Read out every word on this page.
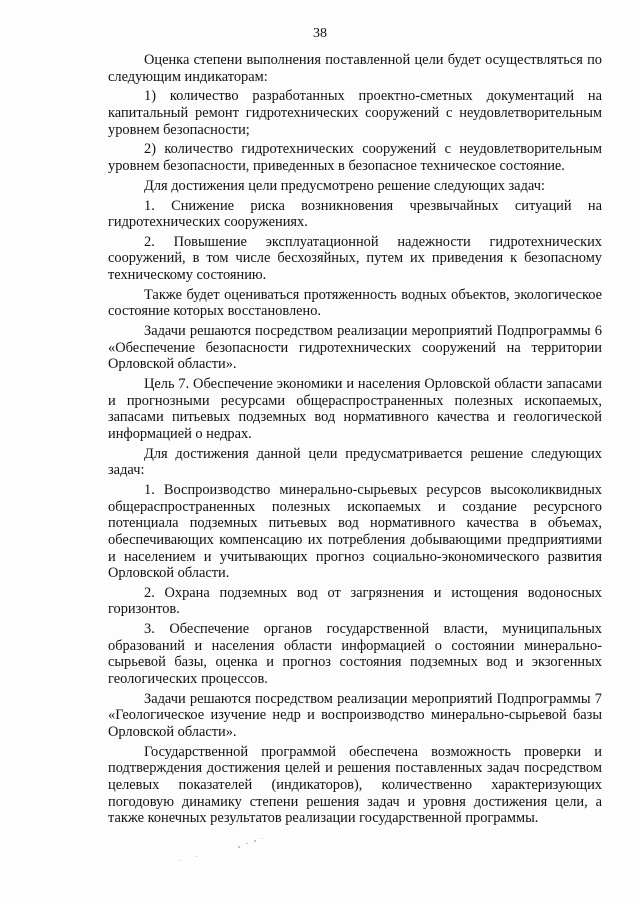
38

Оценка степени выполнения поставленной цели будет осуществляться по следующим индикаторам:

1) количество разработанных проектно-сметных документаций на капитальный ремонт гидротехнических сооружений с неудовлетворительным уровнем безопасности;

2) количество гидротехнических сооружений с неудовлетворительным уровнем безопасности, приведенных в безопасное техническое состояние.

Для достижения цели предусмотрено решение следующих задач:

1. Снижение риска возникновения чрезвычайных ситуаций на гидротехнических сооружениях.

2. Повышение эксплуатационной надежности гидротехнических сооружений, в том числе бесхозяйных, путем их приведения к безопасному техническому состоянию.

Также будет оцениваться протяженность водных объектов, экологическое состояние которых восстановлено.

Задачи решаются посредством реализации мероприятий Подпрограммы 6 «Обеспечение безопасности гидротехнических сооружений на территории Орловской области».

Цель 7. Обеспечение экономики и населения Орловской области запасами и прогнозными ресурсами общераспространенных полезных ископаемых, запасами питьевых подземных вод нормативного качества и геологической информацией о недрах.

Для достижения данной цели предусматривается решение следующих задач:

1. Воспроизводство минерально-сырьевых ресурсов высоколиквидных общераспространенных полезных ископаемых и создание ресурсного потенциала подземных питьевых вод нормативного качества в объемах, обеспечивающих компенсацию их потребления добывающими предприятиями и населением и учитывающих прогноз социально-экономического развития Орловской области.

2. Охрана подземных вод от загрязнения и истощения водоносных горизонтов.

3. Обеспечение органов государственной власти, муниципальных образований и населения области информацией о состоянии минерально-сырьевой базы, оценка и прогноз состояния подземных вод и экзогенных геологических процессов.

Задачи решаются посредством реализации мероприятий Подпрограммы 7 «Геологическое изучение недр и воспроизводство минерально-сырьевой базы Орловской области».

Государственной программой обеспечена возможность проверки и подтверждения достижения целей и решения поставленных задач посредством целевых показателей (индикаторов), количественно характеризующих погодовую динамику степени решения задач и уровня достижения цели, а также конечных результатов реализации государственной программы.
